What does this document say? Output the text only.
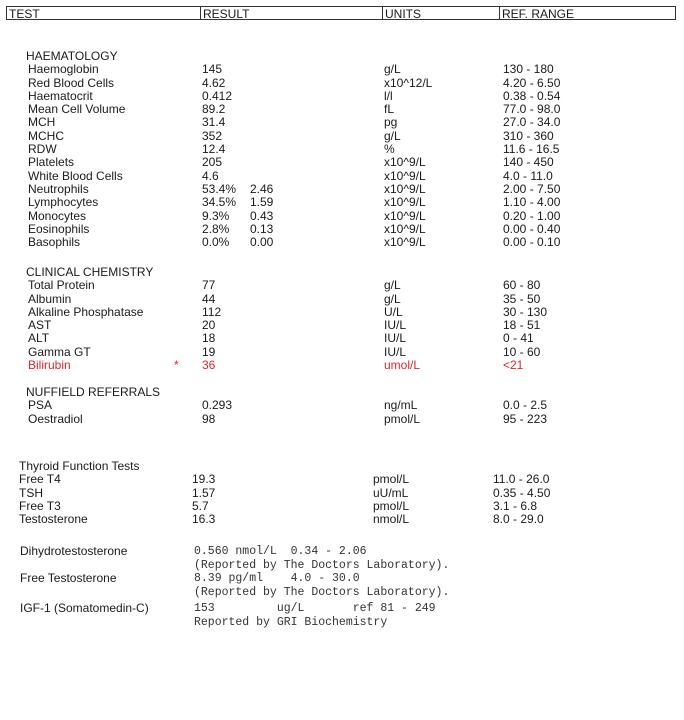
TEST	RESULT	UNITS	REF. RANGE
HAEMATOLOGY
Haemoglobin	145	g/L	130 - 180
Red Blood Cells	4.62	x10^12/L	4.20 - 6.50
Haematocrit	0.412	l/l	0.38 - 0.54
Mean Cell Volume	89.2	fL	77.0 - 98.0
MCH	31.4	pg	27.0 - 34.0
MCHC	352	g/L	310 - 360
RDW	12.4	%	11.6 - 16.5
Platelets	205	x10^9/L	140 - 450
White Blood Cells	4.6	x10^9/L	4.0 - 11.0
Neutrophils	53.4% 2.46	x10^9/L	2.00 - 7.50
Lymphocytes	34.5% 1.59	x10^9/L	1.10 - 4.00
Monocytes	9.3% 0.43	x10^9/L	0.20 - 1.00
Eosinophils	2.8% 0.13	x10^9/L	0.00 - 0.40
Basophils	0.0% 0.00	x10^9/L	0.00 - 0.10
CLINICAL CHEMISTRY
Total Protein	77	g/L	60 - 80
Albumin	44	g/L	35 - 50
Alkaline Phosphatase	112	U/L	30 - 130
AST	20	IU/L	18 - 51
ALT	18	IU/L	0 - 41
Gamma GT	19	IU/L	10 - 60
Bilirubin	* 36	umol/L	<21
NUFFIELD REFERRALS
PSA	0.293	ng/mL	0.0 - 2.5
Oestradiol	98	pmol/L	95 - 223
Thyroid Function Tests
Free T4	19.3	pmol/L	11.0 - 26.0
TSH	1.57	uU/mL	0.35 - 4.50
Free T3	5.7	pmol/L	3.1 - 6.8
Testosterone	16.3	nmol/L	8.0 - 29.0
Dihydrotestosterone	0.560 nmol/L  0.34 - 2.06
(Reported by The Doctors Laboratory).
Free Testosterone	8.39 pg/ml    4.0 - 30.0
(Reported by The Doctors Laboratory).
IGF-1 (Somatomedin-C)	153         ug/L       ref 81 - 249
Reported by GRI Biochemistry
